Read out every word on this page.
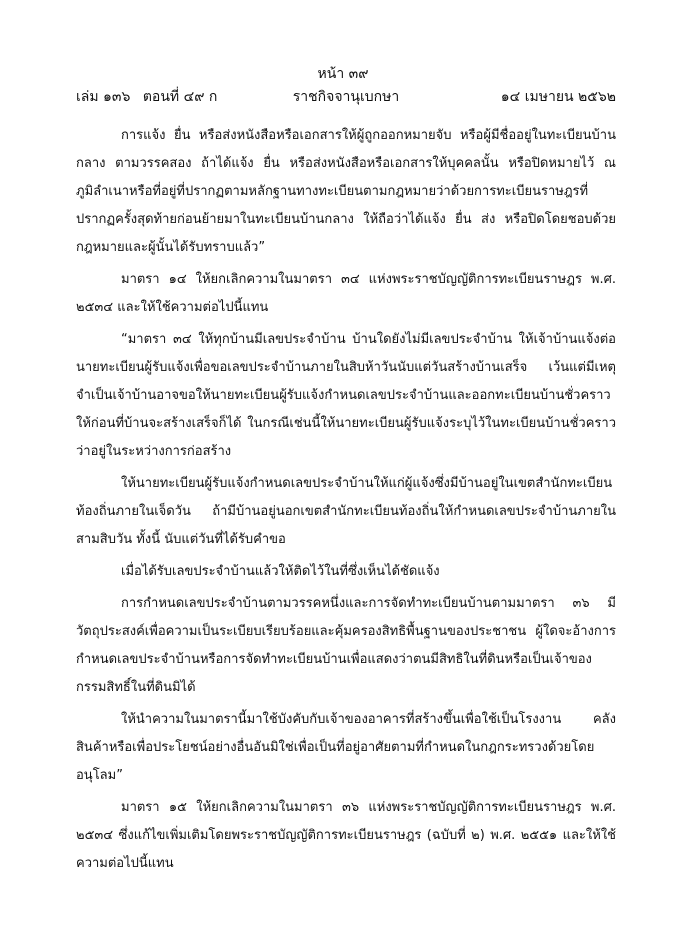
หน้า ๓๙
เล่ม ๑๓๖ ตอนที่ ๔๙ ก	ราชกิจจานุเบกษา	๑๔ เมษายน ๒๕๖๒

การแจ้ง ยื่น หรือส่งหนังสือหรือเอกสารให้ผู้ถูกออกหมายจับ หรือผู้มีชื่ออยู่ในทะเบียนบ้านกลาง ตามวรรคสอง ถ้าได้แจ้ง ยื่น หรือส่งหนังสือหรือเอกสารให้บุคคลนั้น หรือปิดหมายไว้ ณ ภูมิลำเนาหรือที่อยู่ที่ปรากฏตามหลักฐานทางทะเบียนตามกฎหมายว่าด้วยการทะเบียนราษฎรที่ปรากฏครั้งสุดท้ายก่อนย้ายมาในทะเบียนบ้านกลาง ให้ถือว่าได้แจ้ง ยื่น ส่ง หรือปิดโดยชอบด้วยกฎหมายและผู้นั้นได้รับทราบแล้ว”

มาตรา ๑๔ ให้ยกเลิกความในมาตรา ๓๔ แห่งพระราชบัญญัติการทะเบียนราษฎร พ.ศ. ๒๕๓๔ และให้ใช้ความต่อไปนี้แทน

“มาตรา ๓๔ ให้ทุกบ้านมีเลขประจำบ้าน บ้านใดยังไม่มีเลขประจำบ้าน ให้เจ้าบ้านแจ้งต่อนายทะเบียนผู้รับแจ้งเพื่อขอเลขประจำบ้านภายในสิบห้าวันนับแต่วันสร้างบ้านเสร็จ เว้นแต่มีเหตุจำเป็นเจ้าบ้านอาจขอให้นายทะเบียนผู้รับแจ้งกำหนดเลขประจำบ้านและออกทะเบียนบ้านชั่วคราวให้ก่อนที่บ้านจะสร้างเสร็จก็ได้ ในกรณีเช่นนี้ให้นายทะเบียนผู้รับแจ้งระบุไว้ในทะเบียนบ้านชั่วคราวว่าอยู่ในระหว่างการก่อสร้าง

ให้นายทะเบียนผู้รับแจ้งกำหนดเลขประจำบ้านให้แก่ผู้แจ้งซึ่งมีบ้านอยู่ในเขตสำนักทะเบียนท้องถิ่นภายในเจ็ดวัน ถ้ามีบ้านอยู่นอกเขตสำนักทะเบียนท้องถิ่นให้กำหนดเลขประจำบ้านภายในสามสิบวัน ทั้งนี้ นับแต่วันที่ได้รับคำขอ

เมื่อได้รับเลขประจำบ้านแล้วให้ติดไว้ในที่ซึ่งเห็นได้ชัดแจ้ง

การกำหนดเลขประจำบ้านตามวรรคหนึ่งและการจัดทำทะเบียนบ้านตามมาตรา ๓๖ มีวัตถุประสงค์เพื่อความเป็นระเบียบเรียบร้อยและคุ้มครองสิทธิพื้นฐานของประชาชน ผู้ใดจะอ้างการกำหนดเลขประจำบ้านหรือการจัดทำทะเบียนบ้านเพื่อแสดงว่าตนมีสิทธิในที่ดินหรือเป็นเจ้าของกรรมสิทธิ์ในที่ดินมิได้

ให้นำความในมาตรานี้มาใช้บังคับกับเจ้าของอาคารที่สร้างขึ้นเพื่อใช้เป็นโรงงาน คลังสินค้าหรือเพื่อประโยชน์อย่างอื่นอันมิใช่เพื่อเป็นที่อยู่อาศัยตามที่กำหนดในกฎกระทรวงด้วยโดยอนุโลม”

มาตรา ๑๕ ให้ยกเลิกความในมาตรา ๓๖ แห่งพระราชบัญญัติการทะเบียนราษฎร พ.ศ. ๒๕๓๔ ซึ่งแก้ไขเพิ่มเติมโดยพระราชบัญญัติการทะเบียนราษฎร (ฉบับที่ ๒) พ.ศ. ๒๕๕๑ และให้ใช้ความต่อไปนี้แทน
